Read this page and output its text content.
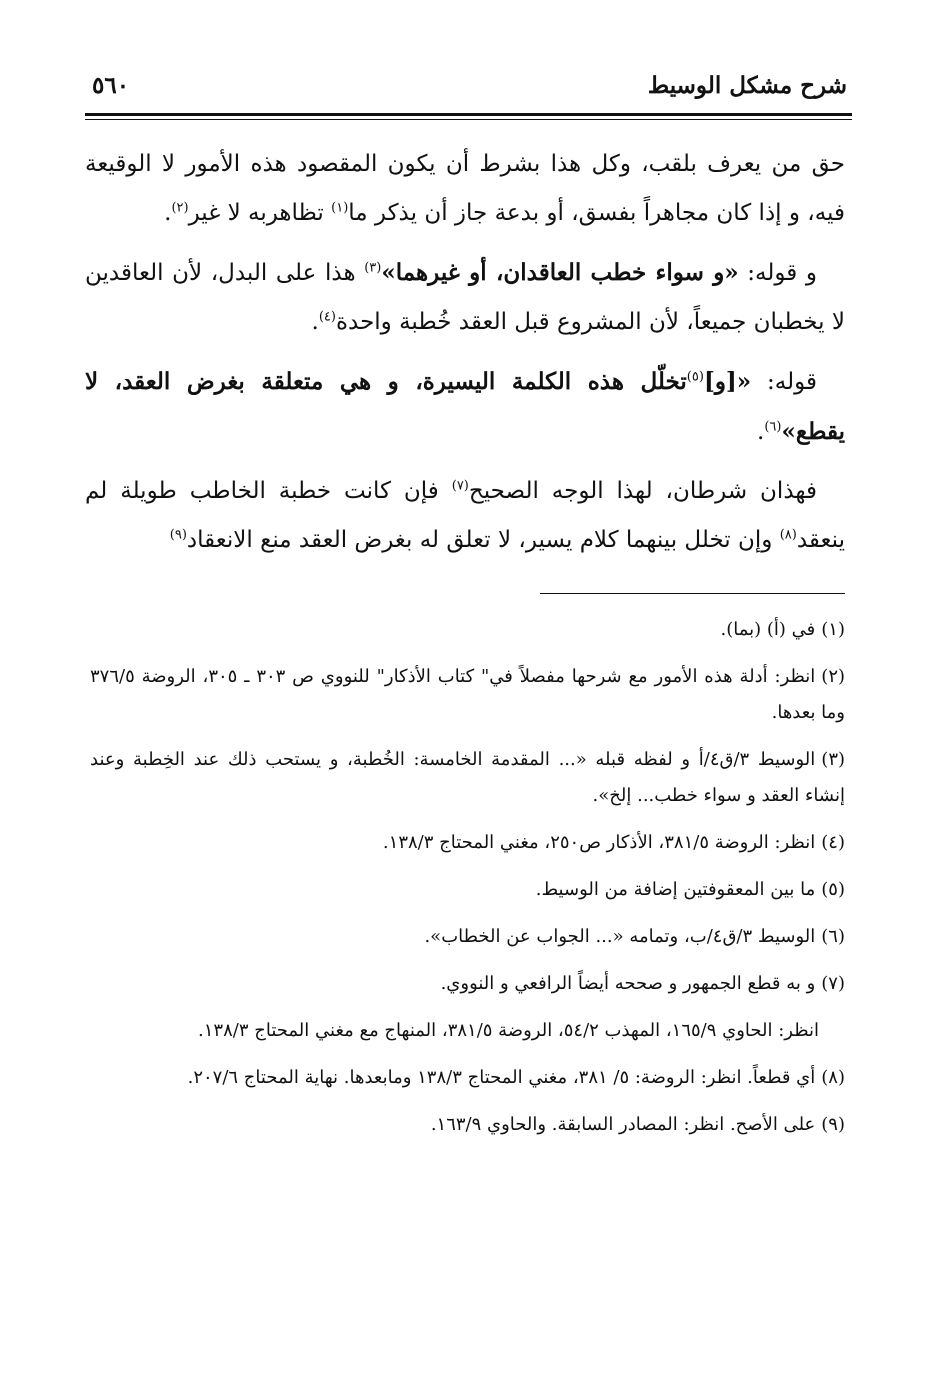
شرح مشكل الوسيط
٥٦٠

حق من يعرف بلقب، وكل هذا بشرط أن يكون المقصود هذه الأمور لا الوقيعة فيه، و إذا كان مجاهراً بفسق، أو بدعة جاز أن يذكر ما$^{(١)}$ تظاهربه لا غير$^{(٢)}$.

و قوله: «و سواء خطب العاقدان، أو غيرهما»$^{(٣)}$ هذا على البدل، لأن العاقدين لا يخطبان جميعاً، لأن المشروع قبل العقد خُطبة واحدة$^{(٤)}$.

قوله: «[و]$^{(٥)}$تخلّل هذه الكلمة اليسيرة، و هي متعلقة بغرض العقد، لا يقطع»$^{(٦)}$.

فهذان شرطان، لهذا الوجه الصحيح$^{(٧)}$ فإن كانت خطبة الخاطب طويلة لم ينعقد$^{(٨)}$ وإن تخلل بينهما كلام يسير، لا تعلق له بغرض العقد منع الانعقاد$^{(٩)}$

(١)في (أ) (بما).
(٢)انظر: أدلة هذه الأمور مع شرحها مفصلاً في" كتاب الأذكار" للنووي ص ٣٠٣ ـ ٣٠٥، الروضة ٣٧٦/٥ وما بعدها.
(٣)الوسيط ٣/ق٤/أ و لفظه قبله «... المقدمة الخامسة: الخُطبة، و يستحب ذلك عند الخِطبة وعند إنشاء العقد و سواء خطب... إلخ».
(٤)انظر: الروضة ٣٨١/٥، الأذكار ص٢٥٠، مغني المحتاج ١٣٨/٣.
(٥)ما بين المعقوفتين إضافة من الوسيط.
(٦)الوسيط ٣/ق٤/ب، وتمامه «... الجواب عن الخطاب».
(٧)و به قطع الجمهور و صححه أيضاً الرافعي و النووي.
انظر: الحاوي ١٦٥/٩، المهذب ٥٤/٢، الروضة ٣٨١/٥، المنهاج مع مغني المحتاج ١٣٨/٣.
(٨)أي قطعاً. انظر: الروضة: ٥/ ٣٨١، مغني المحتاج ١٣٨/٣ ومابعدها. نهاية المحتاج ٢٠٧/٦.
(٩)على الأصح. انظر: المصادر السابقة. والحاوي ١٦٣/٩.
